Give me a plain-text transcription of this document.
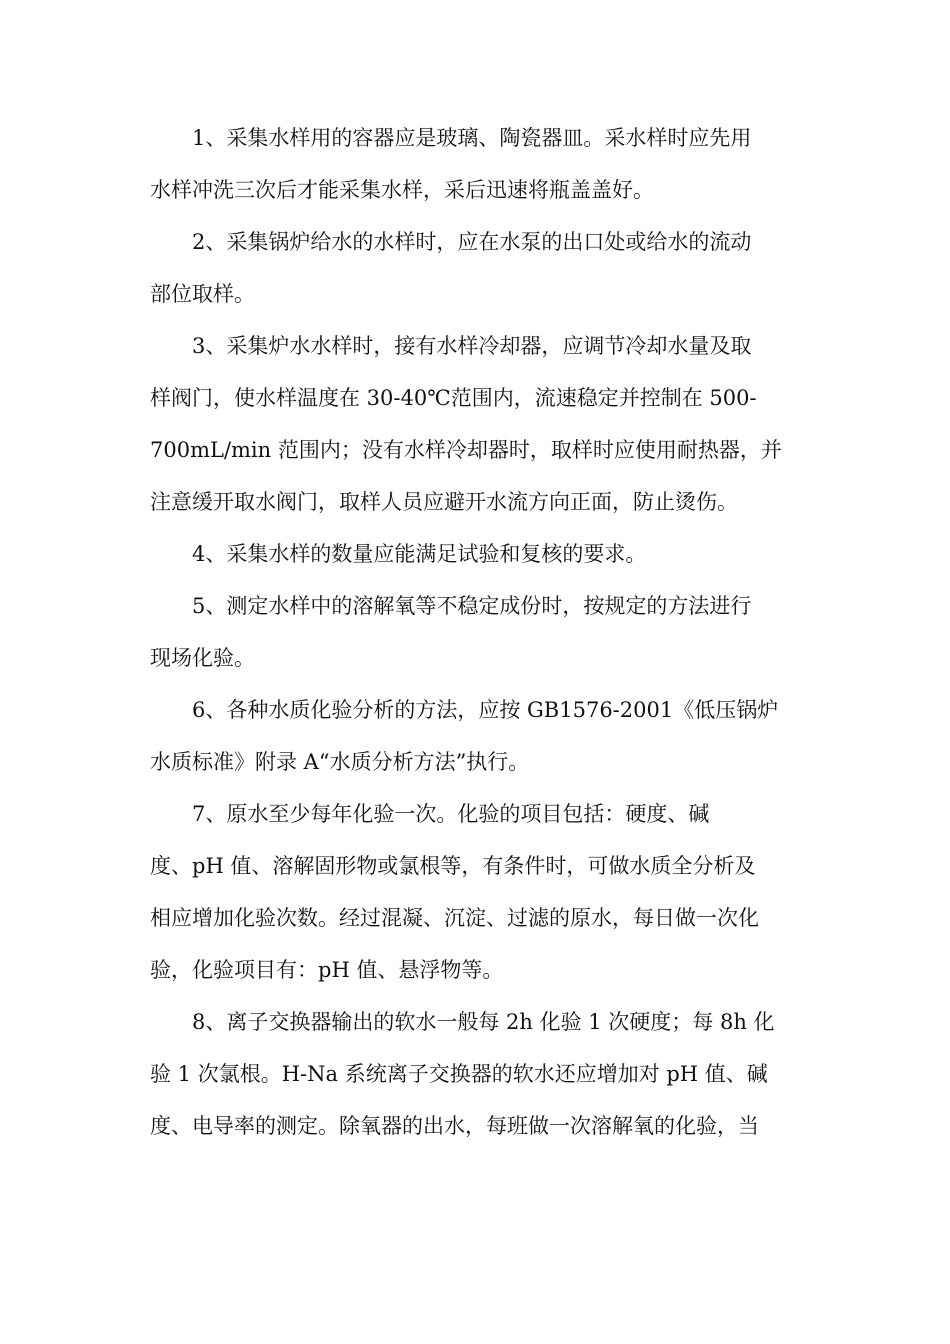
1、采集水样用的容器应是玻璃、陶瓷器皿。采水样时应先用
水样冲洗三次后才能采集水样，采后迅速将瓶盖盖好。
2、采集锅炉给水的水样时，应在水泵的出口处或给水的流动
部位取样。
3、采集炉水水样时，接有水样冷却器，应调节冷却水量及取
样阀门，使水样温度在 30-40℃范围内，流速稳定并控制在 500-
700mL/min 范围内；没有水样冷却器时，取样时应使用耐热器，并
注意缓开取水阀门，取样人员应避开水流方向正面，防止烫伤。
4、采集水样的数量应能满足试验和复核的要求。
5、测定水样中的溶解氧等不稳定成份时，按规定的方法进行
现场化验。
6、各种水质化验分析的方法，应按 GB1576-2001《低压锅炉
水质标准》附录 A“水质分析方法”执行。
7、原水至少每年化验一次。化验的项目包括：硬度、碱
度、pH 值、溶解固形物或氯根等，有条件时，可做水质全分析及
相应增加化验次数。经过混凝、沉淀、过滤的原水，每日做一次化
验，化验项目有：pH 值、悬浮物等。
8、离子交换器输出的软水一般每 2h 化验 1 次硬度；每 8h 化
验 1 次氯根。H-Na 系统离子交换器的软水还应增加对 pH 值、碱
度、电导率的测定。除氧器的出水，每班做一次溶解氧的化验，当
